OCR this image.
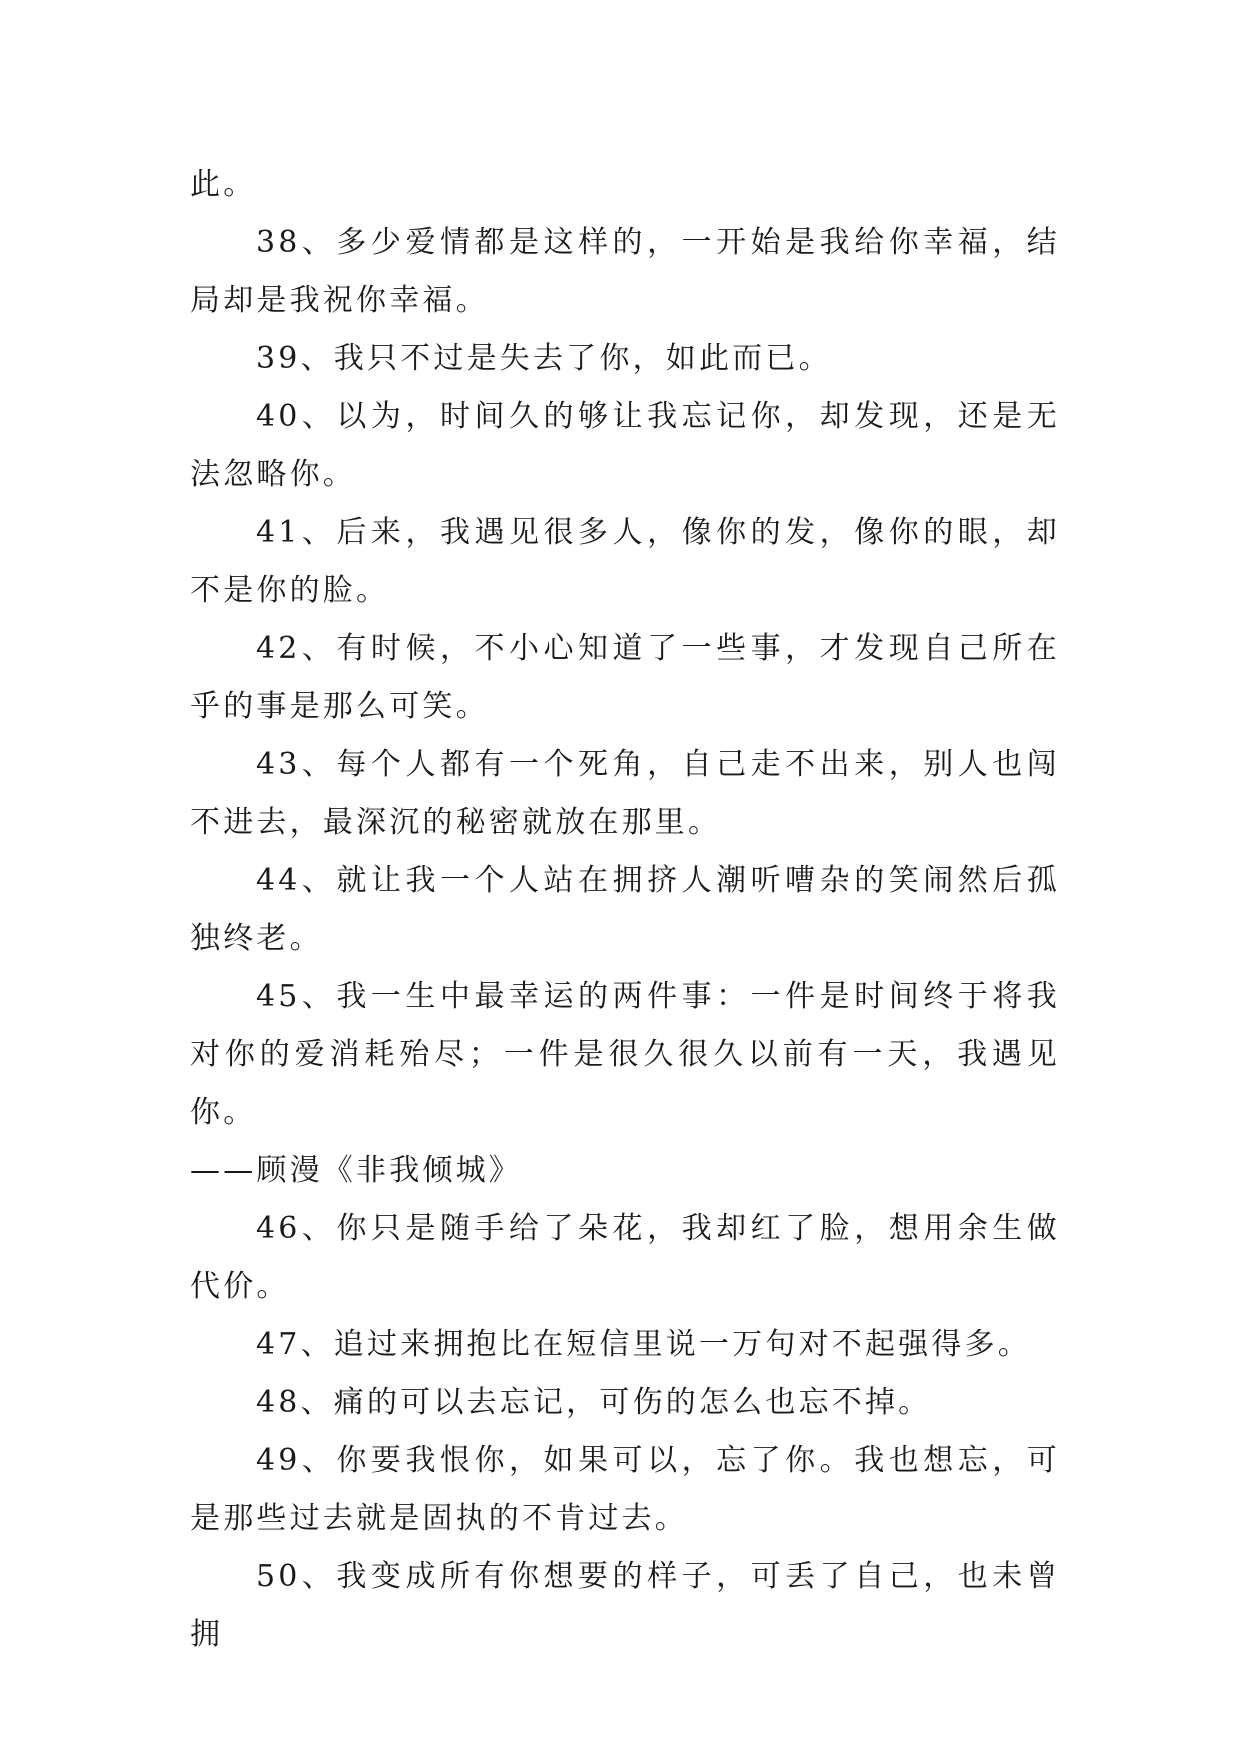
此。

38、多少爱情都是这样的，一开始是我给你幸福，结局却是我祝你幸福。

39、我只不过是失去了你，如此而已。

40、以为，时间久的够让我忘记你，却发现，还是无法忽略你。

41、后来，我遇见很多人，像你的发，像你的眼，却不是你的脸。

42、有时候，不小心知道了一些事，才发现自己所在乎的事是那么可笑。

43、每个人都有一个死角，自己走不出来，别人也闯不进去，最深沉的秘密就放在那里。

44、就让我一个人站在拥挤人潮听嘈杂的笑闹然后孤独终老。

45、我一生中最幸运的两件事：一件是时间终于将我对你的爱消耗殆尽；一件是很久很久以前有一天，我遇见你。

——顾漫《非我倾城》

46、你只是随手给了朵花，我却红了脸，想用余生做代价。

47、追过来拥抱比在短信里说一万句对不起强得多。

48、痛的可以去忘记，可伤的怎么也忘不掉。

49、你要我恨你，如果可以，忘了你。我也想忘，可是那些过去就是固执的不肯过去。

50、我变成所有你想要的样子，可丢了自己，也未曾拥
